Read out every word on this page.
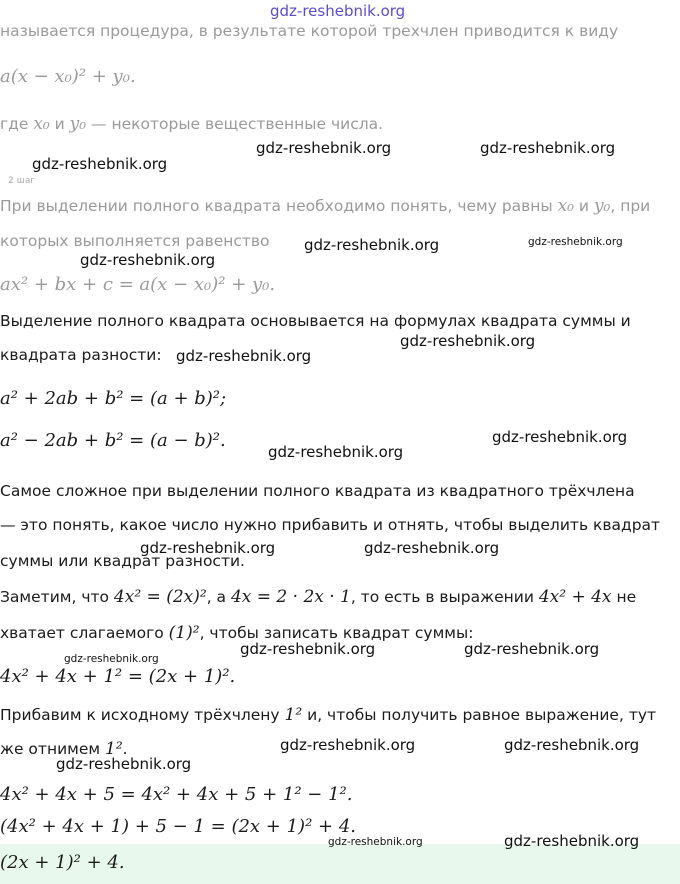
gdz-reshebnik.org
называется процедура, в результате которой трехчлен приводится к виду
a(x − x₀)² + y₀.
где x₀ и y₀ — некоторые вещественные числа.
2 шаг
При выделении полного квадрата необходимо понять, чему равны x₀ и y₀, при
которых выполняется равенство
ax² + bx + c = a(x − x₀)² + y₀.
Выделение полного квадрата основывается на формулах квадрата суммы и
квадрата разности:
a² + 2ab + b² = (a + b)²;
a² − 2ab + b² = (a − b)².
Самое сложное при выделении полного квадрата из квадратного трёхчлена
— это понять, какое число нужно прибавить и отнять, чтобы выделить квадрат
суммы или квадрат разности.
Заметим, что 4x² = (2x)², а 4x = 2 · 2x · 1, то есть в выражении 4x² + 4x не
хватает слагаемого (1)², чтобы записать квадрат суммы:
4x² + 4x + 1² = (2x + 1)².
Прибавим к исходному трёхчлену 1² и, чтобы получить равное выражение, тут
же отнимем 1².
4x² + 4x + 5 = 4x² + 4x + 5 + 1² − 1².
(4x² + 4x + 1) + 5 − 1 = (2x + 1)² + 4.
(2x + 1)² + 4.
gdz-reshebnik.org	gdz-reshebnik.org
gdz-reshebnik.org
gdz-reshebnik.org	gdz-reshebnik.org
gdz-reshebnik.org
gdz-reshebnik.org
gdz-reshebnik.org
gdz-reshebnik.org
gdz-reshebnik.org
gdz-reshebnik.org	gdz-reshebnik.org
gdz-reshebnik.org	gdz-reshebnik.org
gdz-reshebnik.org
gdz-reshebnik.org	gdz-reshebnik.org
gdz-reshebnik.org
gdz-reshebnik.org	gdz-reshebnik.org
